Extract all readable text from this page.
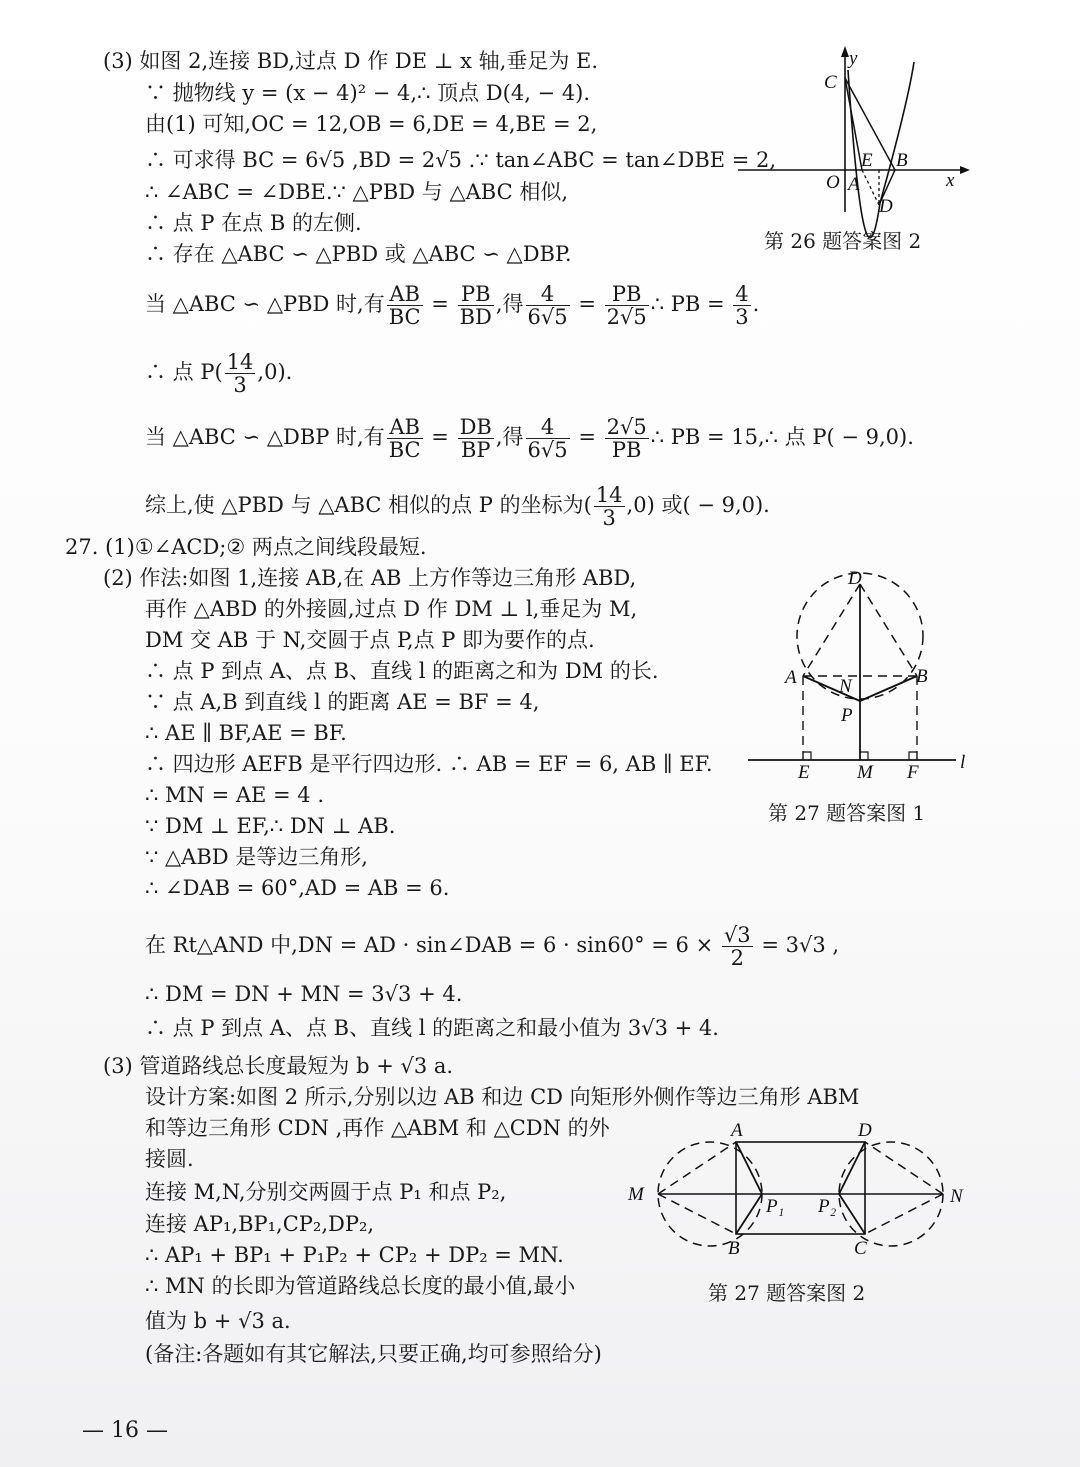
(3) 如图 2,连接 BD,过点 D 作 DE ⊥ x 轴,垂足为 E.
∵ 抛物线 y = (x − 4)² − 4,∴ 顶点 D(4, − 4).
由(1) 可知,OC = 12,OB = 6,DE = 4,BE = 2,
∴ 可求得 BC = 6√5 ,BD = 2√5 .∵ tan∠ABC = tan∠DBE = 2,
∴ ∠ABC = ∠DBE.∵ △PBD 与 △ABC 相似,
∴ 点 P 在点 B 的左侧.
∴ 存在 △ABC ∽ △PBD 或 △ABC ∽ △DBP.
当 △ABC ∽ △PBD 时,有 $\frac{AB}{BC} = \frac{PB}{BD}$ ,得 $\frac{4}{6√5} = \frac{PB}{2√5}$ ∴ PB = $\frac{4}{3}$ .
∴ 点 $P( \frac{14}{3} ,0)$.
当 △ABC ∽ △DBP 时,有 $\frac{AB}{BC} = \frac{DB}{BP}$ ,得 $\frac{4}{6√5} = \frac{2√5}{PB}$ ∴ PB = 15,∴ 点 P( − 9,0).
综上,使 △PBD 与 △ABC 相似的点 P 的坐标为( $\frac{14}{3} ,0$) 或( − 9,0).
C
y
x
O A
E B
D
第 26 题答案图 2
27. (1)①∠ACD;② 两点之间线段最短.
(2) 作法:如图 1,连接 AB,在 AB 上方作等边三角形 ABD,
再作 △ABD 的外接圆,过点 D 作 DM ⊥ l,垂足为 M,
DM 交 AB 于 N,交圆于点 P,点 P 即为要作的点.
∴ 点 P 到点 A、点 B、直线 l 的距离之和为 DM 的长.
∵ 点 A,B 到直线 l 的距离 AE = BF = 4,
∴ AE ∥ BF,AE = BF.
∴ 四边形 AEFB 是平行四边形. ∴ AB = EF = 6, AB ∥ EF.
∴ MN = AE = 4 .
∵ DM ⊥ EF,∴ DN ⊥ AB.
∵ △ABD 是等边三角形,
∴ ∠DAB = 60°,AD = AB = 6.
在 Rt△AND 中,DN = AD · sin∠DAB = $6 \cdot \sin 60^\circ = 6 \times \frac{√3}{2} = 3√3$ ,
∴ DM = DN + MN = 3√3 + 4.
∴ 点 P 到点 A、点 B、直线 l 的距离之和最小值为 3√3 + 4.
(3) 管道路线总长度最短为 b + √3 a.
设计方案:如图 2 所示,分别以边 AB 和边 CD 向矩形外侧作等边三角形 ABM
和等边三角形 CDN ,再作 △ABM 和 △CDN 的外
接圆.
连接 M,N,分别交两圆于点 P₁ 和点 P₂,
连接 AP₁,BP₁,CP₂,DP₂,
∴ AP₁ + BP₁ + P₁P₂ + CP₂ + DP₂ = MN.
∴ MN 的长即为管道路线总长度的最小值,最小
值为 b + √3 a.
(备注:各题如有其它解法,只要正确,均可参照给分)
D
A N	B
P
E M F l
第 27 题答案图 1
A	D
M	N
P₁ P₂
B	C
第 27 题答案图 2
— 16 —
